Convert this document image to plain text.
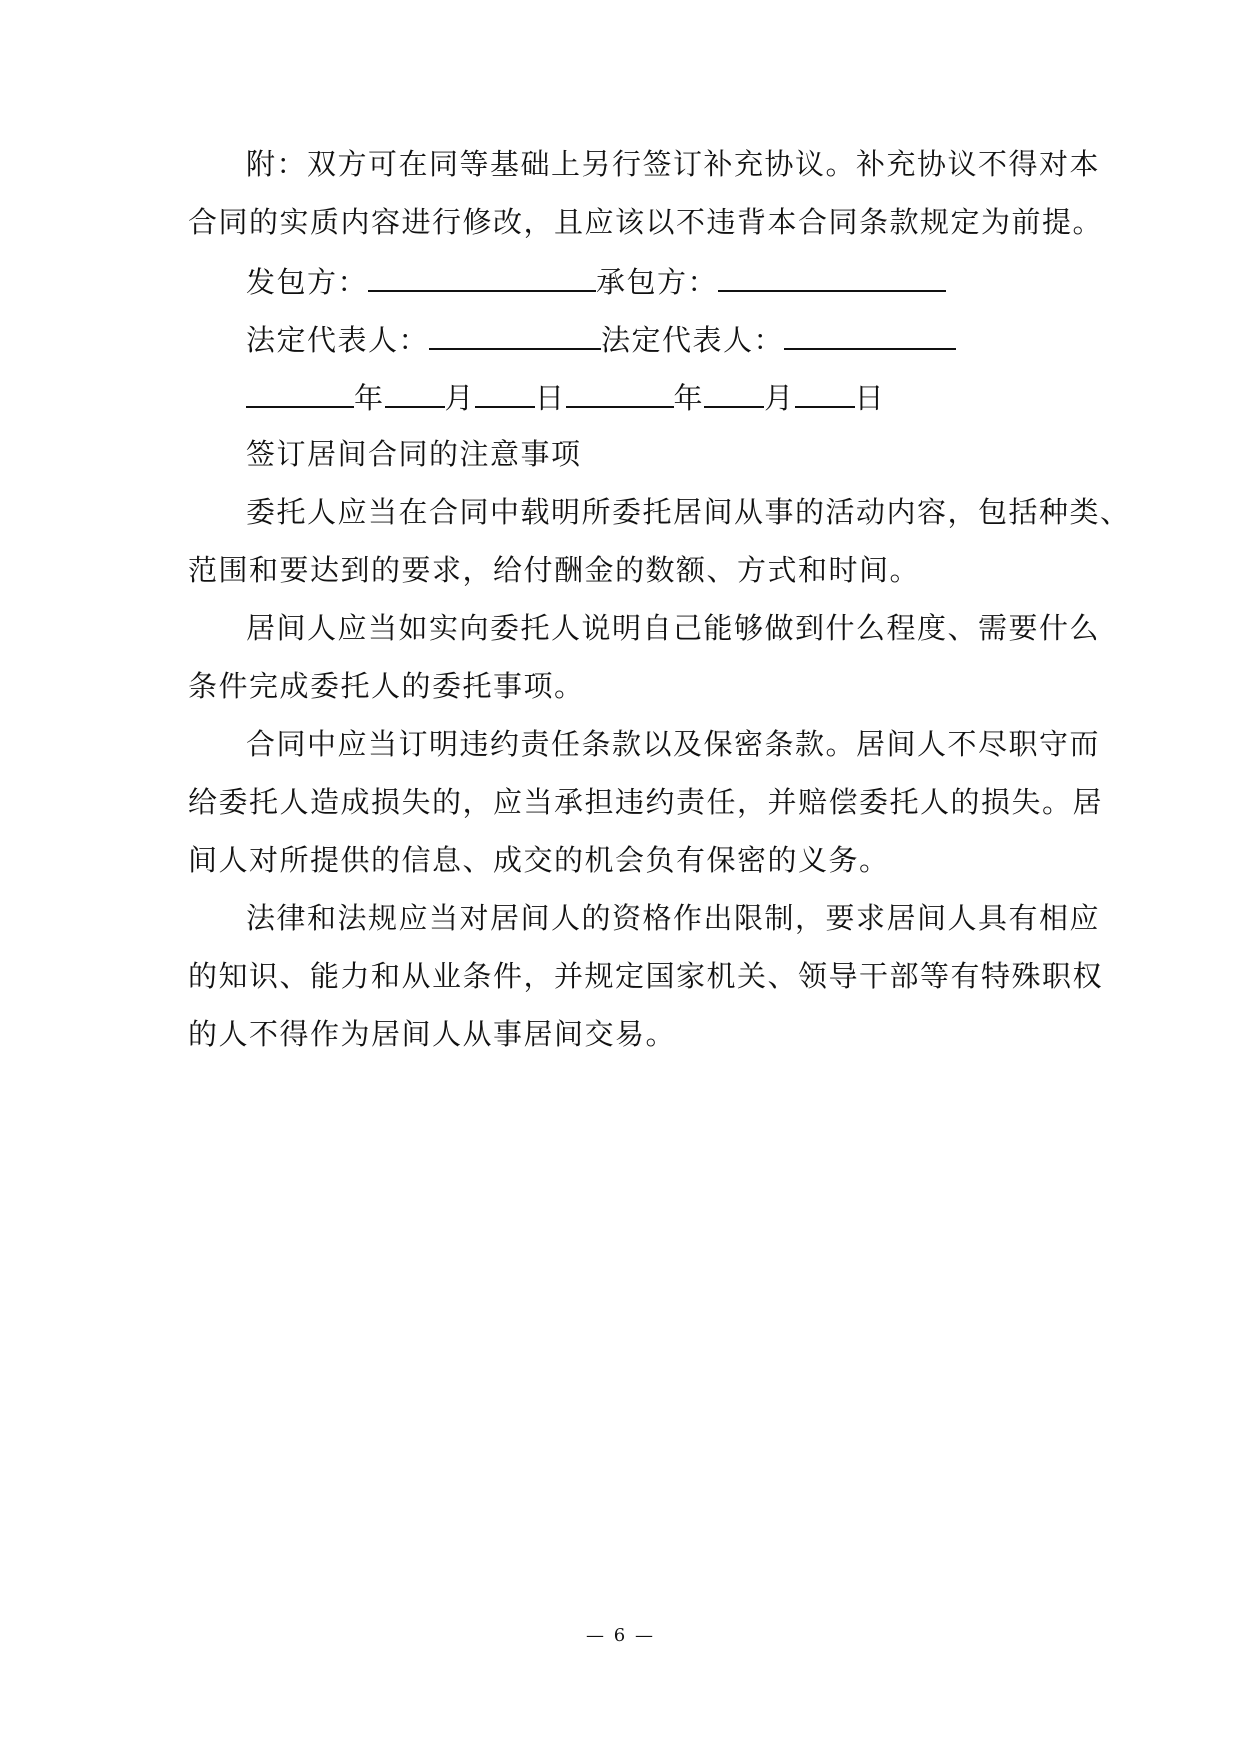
附：双方可在同等基础上另行签订补充协议。补充协议不得对本
合同的实质内容进行修改，且应该以不违背本合同条款规定为前提。
发包方：	承包方：
法定代表人：	法定代表人：
年 月 日	年 月 日
签订居间合同的注意事项
委托人应当在合同中载明所委托居间从事的活动内容，包括种类、
范围和要达到的要求，给付酬金的数额、方式和时间。
居间人应当如实向委托人说明自己能够做到什么程度、需要什么
条件完成委托人的委托事项。
合同中应当订明违约责任条款以及保密条款。居间人不尽职守而
给委托人造成损失的，应当承担违约责任，并赔偿委托人的损失。居
间人对所提供的信息、成交的机会负有保密的义务。
法律和法规应当对居间人的资格作出限制，要求居间人具有相应
的知识、能力和从业条件，并规定国家机关、领导干部等有特殊职权
的人不得作为居间人从事居间交易。
— 6 —
